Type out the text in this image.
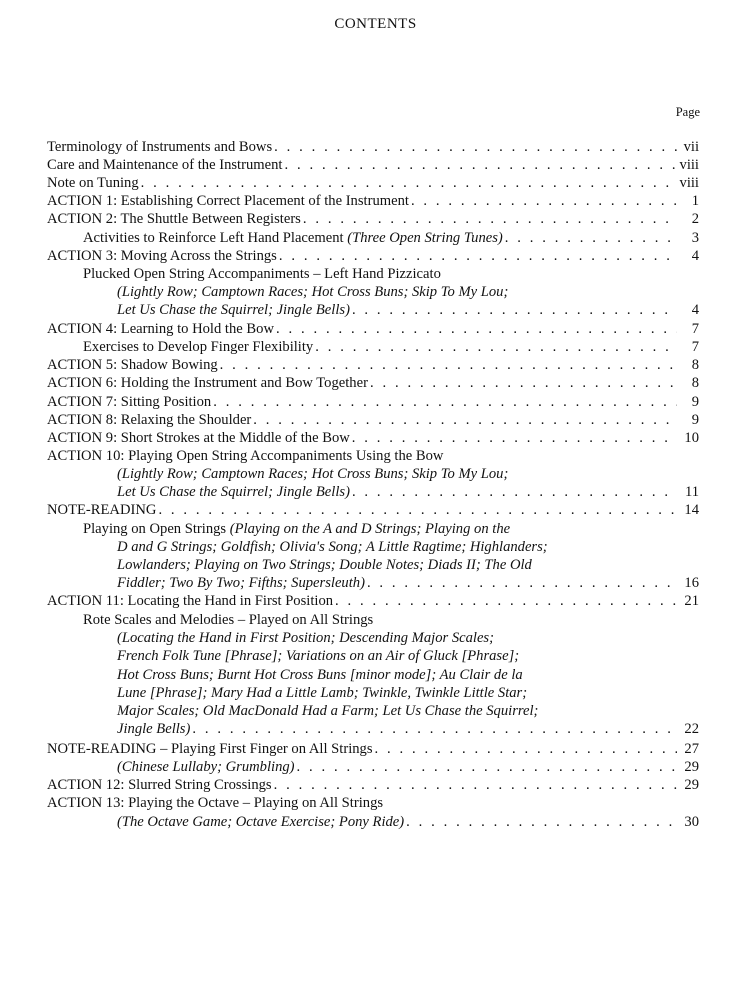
CONTENTS
Page
Terminology of Instruments and Bows . . .	vii
Care and Maintenance of the Instrument . . .	viii
Note on Tuning . . .	viii
ACTION 1: Establishing Correct Placement of the Instrument . . .	1
ACTION 2: The Shuttle Between Registers . . .	2
Activities to Reinforce Left Hand Placement (Three Open String Tunes) . . .	3
ACTION 3: Moving Across the Strings . . .	4
Plucked Open String Accompaniments – Left Hand Pizzicato
(Lightly Row; Camptown Races; Hot Cross Buns; Skip To My Lou;
Let Us Chase the Squirrel; Jingle Bells) . . .	4
ACTION 4: Learning to Hold the Bow . . .	7
Exercises to Develop Finger Flexibility . . .	7
ACTION 5: Shadow Bowing . . .	8
ACTION 6: Holding the Instrument and Bow Together . . .	8
ACTION 7: Sitting Position . . .	9
ACTION 8: Relaxing the Shoulder . . .	9
ACTION 9: Short Strokes at the Middle of the Bow . . .	10
ACTION 10: Playing Open String Accompaniments Using the Bow
(Lightly Row; Camptown Races; Hot Cross Buns; Skip To My Lou;
Let Us Chase the Squirrel; Jingle Bells) . . .	11
NOTE-READING . . .	14
Playing on Open Strings (Playing on the A and D Strings; Playing on the
D and G Strings; Goldfish; Olivia's Song; A Little Ragtime; Highlanders;
Lowlanders; Playing on Two Strings; Double Notes; Diads II; The Old
Fiddler; Two By Two; Fifths; Supersleuth) . . .	16
ACTION 11: Locating the Hand in First Position . . .	21
Rote Scales and Melodies – Played on All Strings
(Locating the Hand in First Position; Descending Major Scales;
French Folk Tune [Phrase]; Variations on an Air of Gluck [Phrase];
Hot Cross Buns; Burnt Hot Cross Buns [minor mode]; Au Clair de la
Lune [Phrase]; Mary Had a Little Lamb; Twinkle, Twinkle Little Star;
Major Scales; Old MacDonald Had a Farm; Let Us Chase the Squirrel;
Jingle Bells) . . .	22
NOTE-READING – Playing First Finger on All Strings . . .	27
(Chinese Lullaby; Grumbling) . . .	29
ACTION 12: Slurred String Crossings . . .	29
ACTION 13: Playing the Octave – Playing on All Strings
(The Octave Game; Octave Exercise; Pony Ride) . . .	30
